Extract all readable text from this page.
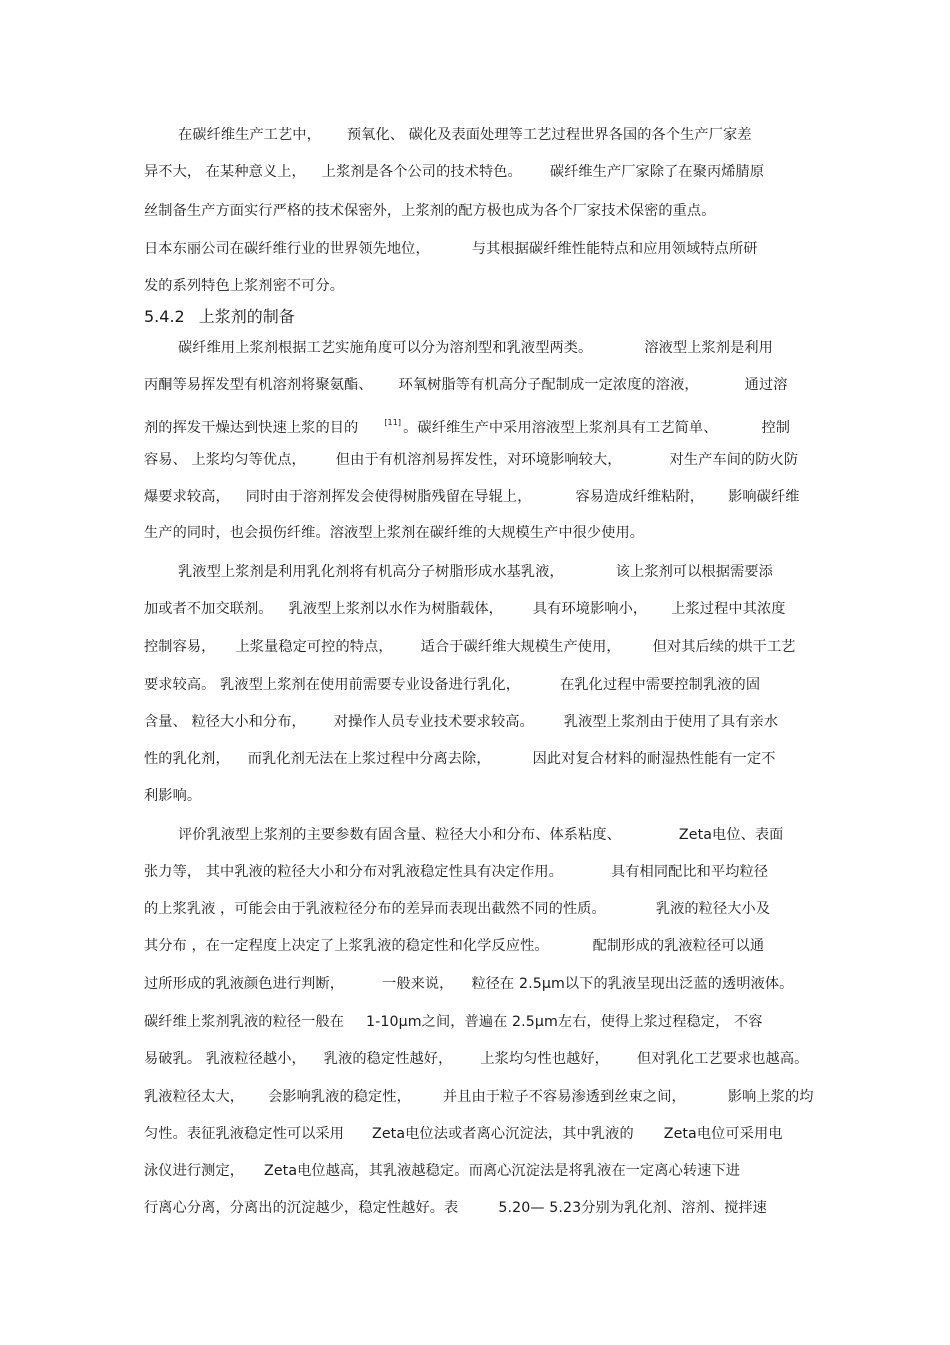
在碳纤维生产工艺中， 预氧化、 碳化及表面处理等工艺过程世界各国的各个生产厂家差
异不大， 在某种意义上， 上浆剂是各个公司的技术特色。 碳纤维生产厂家除了在聚丙烯腈原
丝制备生产方面实行严格的技术保密外，上浆剂的配方极也成为各个厂家技术保密的重点。
日本东丽公司在碳纤维行业的世界领先地位，	与其根据碳纤维性能特点和应用领域特点所研
发的系列特色上浆剂密不可分。
5.4.2 上浆剂的制备
碳纤维用上浆剂根据工艺实施角度可以分为溶剂型和乳液型两类。	溶液型上浆剂是利用
丙酮等易挥发型有机溶剂将聚氨酯、 环氧树脂等有机高分子配制成一定浓度的溶液，	通过溶
剂的挥发干燥达到快速上浆的目的	[11] 。碳纤维生产中采用溶液型上浆剂具有工艺简单、	控制
容易、 上浆均匀等优点， 但由于有机溶剂易挥发性，对环境影响较大，	对生产车间的防火防
爆要求较高， 同时由于溶剂挥发会使得树脂残留在导辊上，	容易造成纤维粘附， 影响碳纤维
生产的同时，也会损伤纤维。溶液型上浆剂在碳纤维的大规模生产中很少使用。
乳液型上浆剂是利用乳化剂将有机高分子树脂形成水基乳液，	该上浆剂可以根据需要添
加或者不加交联剂。 乳液型上浆剂以水作为树脂载体， 具有环境影响小， 上浆过程中其浓度
控制容易， 上浆量稳定可控的特点， 适合于碳纤维大规模生产使用， 但对其后续的烘干工艺
要求较高。 乳液型上浆剂在使用前需要专业设备进行乳化，	在乳化过程中需要控制乳液的固
含量、 粒径大小和分布， 对操作人员专业技术要求较高。 乳液型上浆剂由于使用了具有亲水
性的乳化剂， 而乳化剂无法在上浆过程中分离去除，	因此对复合材料的耐湿热性能有一定不
利影响。
评价乳液型上浆剂的主要参数有固含量、粒径大小和分布、体系粘度、	Zeta电位、表面
张力等， 其中乳液的粒径大小和分布对乳液稳定性具有决定作用。	具有相同配比和平均粒径
的上浆乳液 ，可能会由于乳液粒径分布的差异而表现出截然不同的性质。	乳液的粒径大小及
其分布 ，在一定程度上决定了上浆乳液的稳定性和化学反应性。	配制形成的乳液粒径可以通
过所形成的乳液颜色进行判断，	一般来说， 粒径在 2.5μm以下的乳液呈现出泛蓝的透明液体。
碳纤维上浆剂乳液的粒径一般在 1-10μm之间，普遍在 2.5μm左右，使得上浆过程稳定， 不容
易破乳。 乳液粒径越小， 乳液的稳定性越好， 上浆均匀性也越好， 但对乳化工艺要求也越高。
乳液粒径太大， 会影响乳液的稳定性， 并且由于粒子不容易渗透到丝束之间，	影响上浆的均
匀性。表征乳液稳定性可以采用 Zeta电位法或者离心沉淀法，其中乳液的 Zeta电位可采用电
泳仪进行测定， Zeta电位越高，其乳液越稳定。而离心沉淀法是将乳液在一定离心转速下进
行离心分离，分离出的沉淀越少，稳定性越好。表	5.20— 5.23分别为乳化剂、溶剂、搅拌速
